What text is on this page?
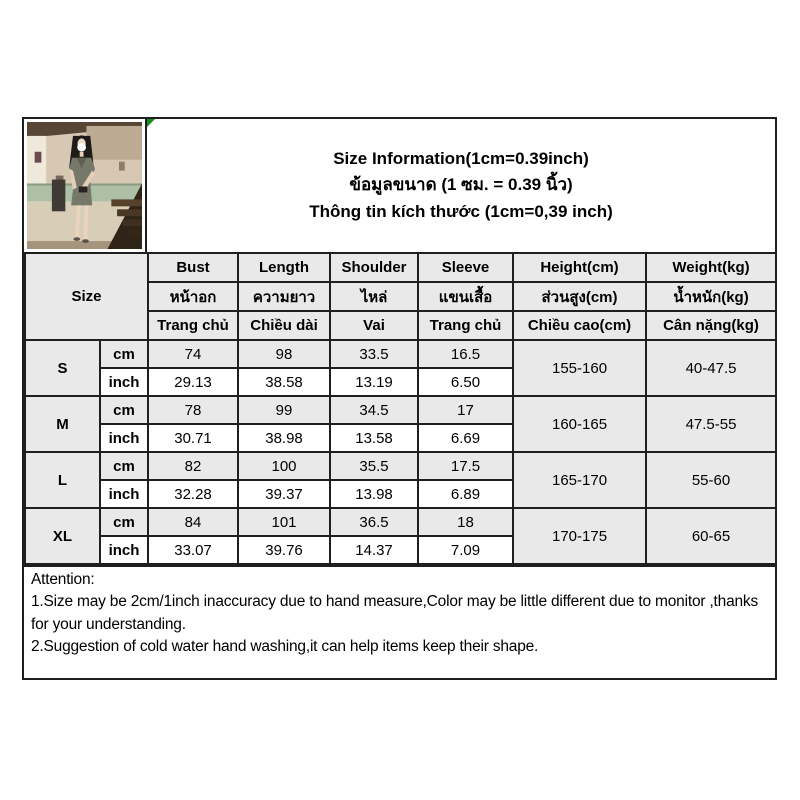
Size Information(1cm=0.39inch)
ข้อมูลขนาด (1 ซม. = 0.39 นิ้ว)
Thông tin kích thước (1cm=0,39 inch)
Size		Bust	Length	Shoulder	Sleeve	Height(cm)	Weight(kg)
		หน้าอก	ความยาว	ไหล่	แขนเสื้อ	ส่วนสูง(cm)	น้ำหนัก(kg)
		Trang chủ	Chiều dài	Vai	Trang chủ	Chiều cao(cm)	Cân nặng(kg)
S	cm	74	98	33.5	16.5	155-160	40-47.5
	inch	29.13	38.58	13.19	6.50		
M	cm	78	99	34.5	17	160-165	47.5-55
	inch	30.71	38.98	13.58	6.69		
L	cm	82	100	35.5	17.5	165-170	55-60
	inch	32.28	39.37	13.98	6.89		
XL	cm	84	101	36.5	18	170-175	60-65
	inch	33.07	39.76	14.37	7.09		
Attention:
1.Size may be 2cm/1inch inaccuracy due to hand measure,Color may be little different due to monitor ,thanks for your understanding.
2.Suggestion of cold water hand washing,it can help items keep their shape.
